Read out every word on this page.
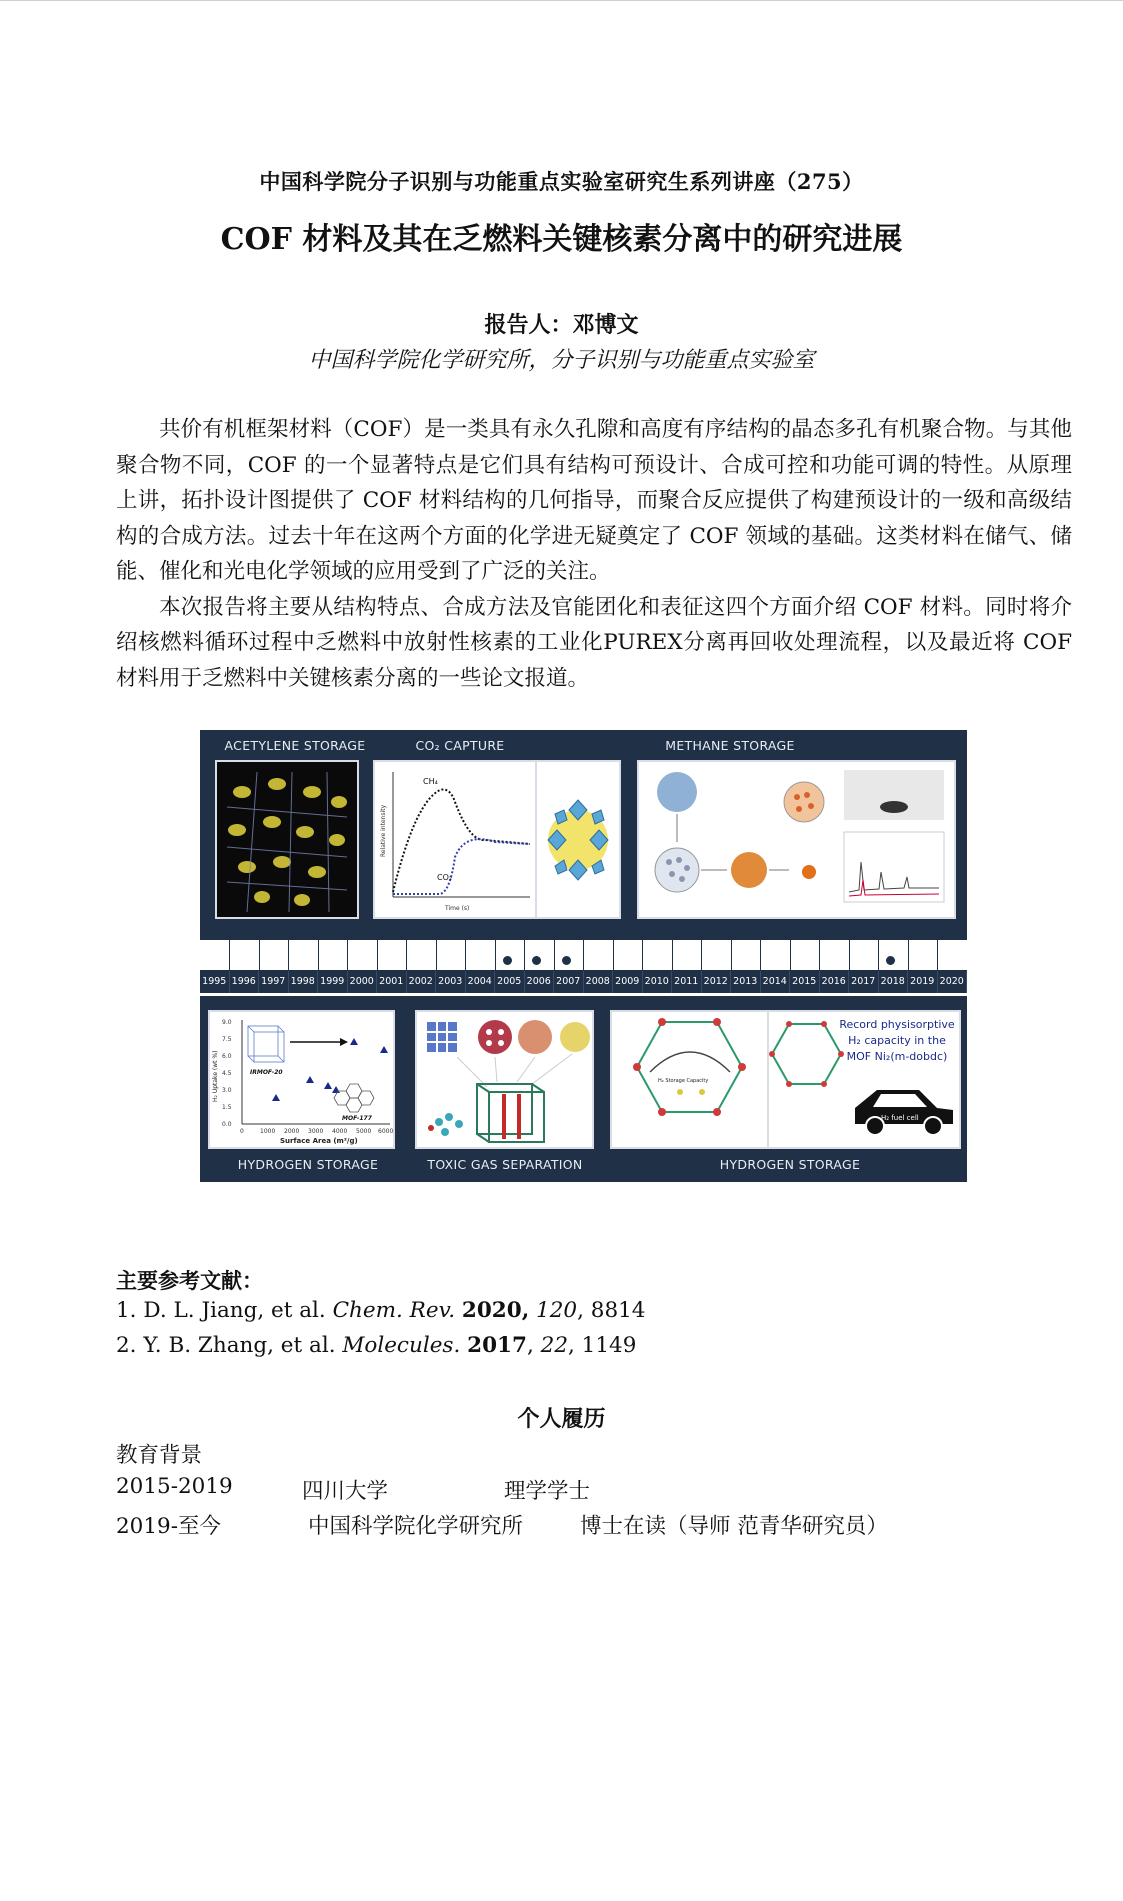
中国科学院分子识别与功能重点实验室研究生系列讲座（275）
COF 材料及其在乏燃料关键核素分离中的研究进展
报告人：邓博文
中国科学院化学研究所，分子识别与功能重点实验室

共价有机框架材料（COF）是一类具有永久孔隙和高度有序结构的晶态多孔有机聚合物。与其他聚合物不同，COF 的一个显著特点是它们具有结构可预设计、合成可控和功能可调的特性。从原理上讲，拓扑设计图提供了 COF 材料结构的几何指导，而聚合反应提供了构建预设计的一级和高级结构的合成方法。过去十年在这两个方面的化学进无疑奠定了 COF 领域的基础。这类材料在储气、储能、催化和光电化学领域的应用受到了广泛的关注。

本次报告将主要从结构特点、合成方法及官能团化和表征这四个方面介绍 COF 材料。同时将介绍核燃料循环过程中乏燃料中放射性核素的工业化PUREX分离再回收处理流程，以及最近将 COF 材料用于乏燃料中关键核素分离的一些论文报道。

ACETYLENE STORAGE	CO₂ CAPTURE	METHANE STORAGE
CH₄
CO₂
Time (s)
Relative intensity
1995 1996 1997 1998 1999 2000 2001 2002 2003 2004 2005 2006 2007 2008 2009 2010 2011 2012 2013 2014 2015 2016 2017 2018 2019 2020
9.0
7.5
6.0
4.5
3.0
1.5
0.0
0	1000 2000 3000 4000 5000 6000
Surface Area (m²/g)
H₂ Uptake (wt %)	IRMOF-20
MOF-177
H₂ Storage Capacity
Record physisorptive
H₂ capacity in the
MOF Ni₂(m-dobdc)
H₂ fuel cell
HYDROGEN STORAGE	TOXIC GAS SEPARATION	HYDROGEN STORAGE
主要参考文献：
1. D. L. Jiang, et al. Chem. Rev. 2020, 120, 8814
2. Y. B. Zhang, et al. Molecules. 2017, 22, 1149
个人履历
教育背景
2015-2019	四川大学	理学学士
2019-至今	中国科学院化学研究所	博士在读（导师 范青华研究员）
